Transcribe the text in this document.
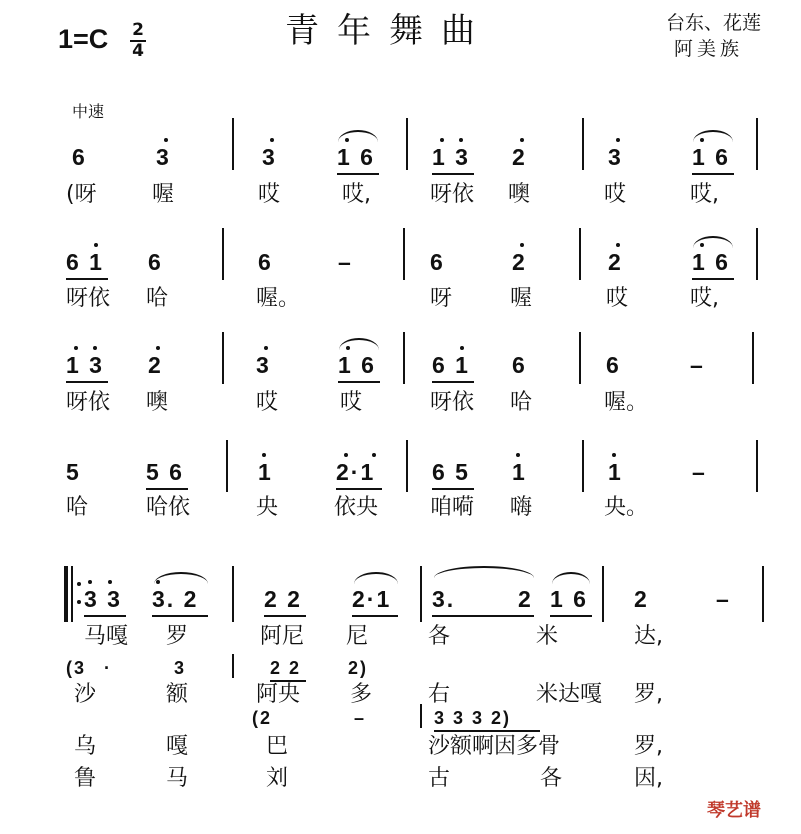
1=C 2
4	青年舞曲	台东、花莲
阿美族
中速
6	3	3	1 6 1 3 2	3	1 6
(呀	喔	哎	哎,	呀依 噢	哎	哎,
6 1 6	6	–	6	2	2	1 6
呀依 哈	喔。	呀	喔	哎	哎,
1 3 2	3	1 6 6 1 6	6	–
呀依 噢	哎	哎	呀依 哈	喔。
5	5 6	1	2·1 6 5 1	1	–
哈	哈依	央	依央 咱嗬 嗨	央。
3 3 3. 2	2 2 2·1 3.	2 1 6 2	–
马嘎 罗	阿尼 尼	各	米	达,
(3 ·	3	2 2	2)
沙	额	阿央 多	右	米达嘎 罗,
(2	–	3 3 3 2)
乌	嘎	巴	沙额啊因多骨	罗,
鲁	马	刘	古	各	因,
琴艺谱
